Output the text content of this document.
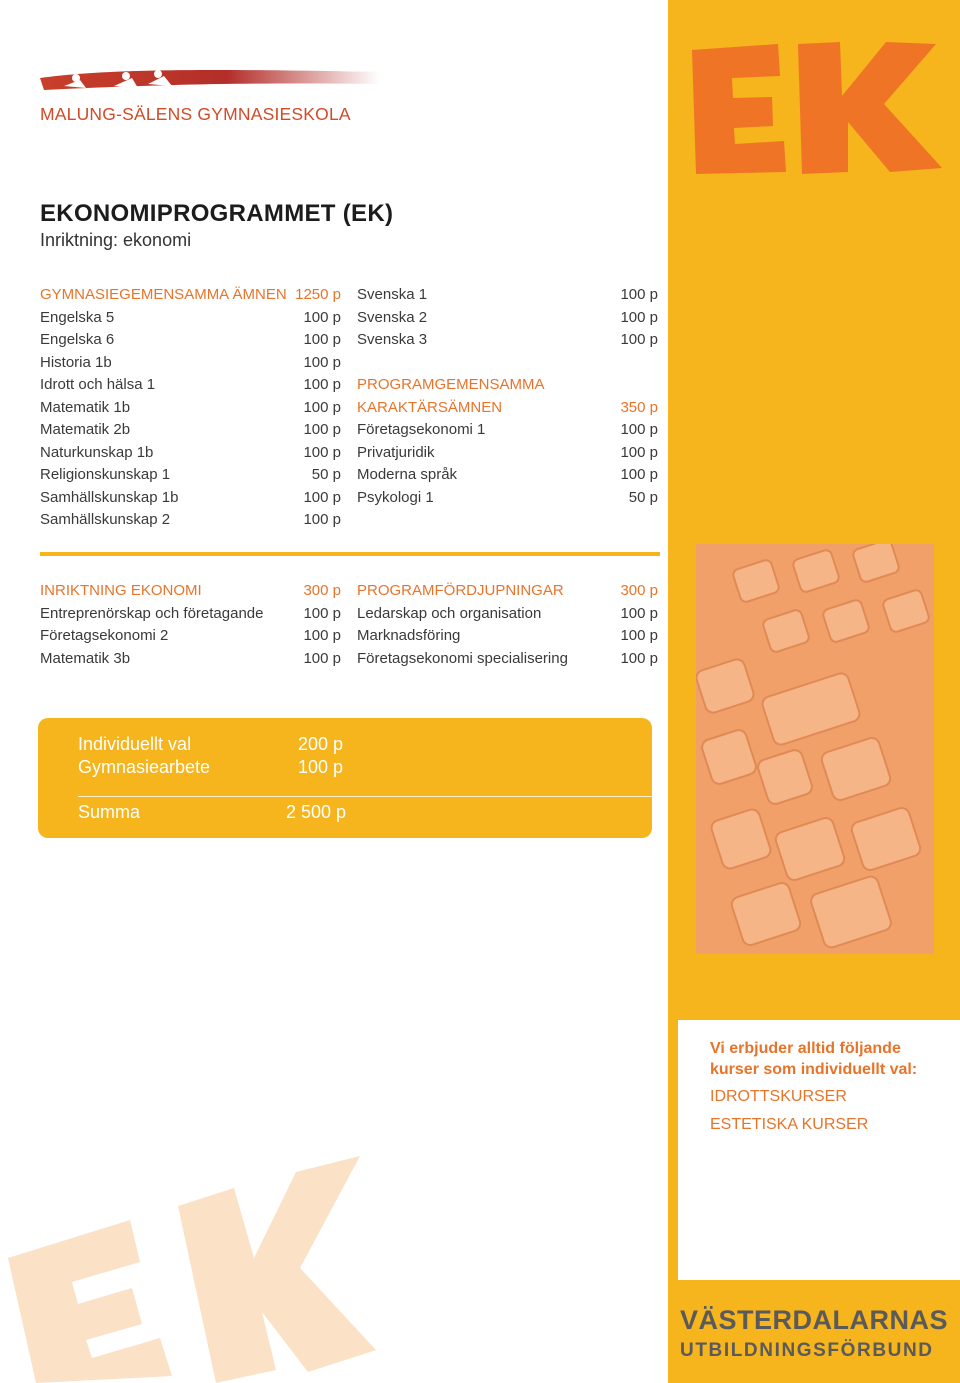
MALUNG-SÄLENS GYMNASIESKOLA
EKONOMIPROGRAMMET (EK)
Inriktning: ekonomi
GYMNASIEGEMENSAMMA ÄMNEN 1250 p
Engelska 5	100 p
Engelska 6	100 p
Historia 1b	100 p
Idrott och hälsa 1	100 p
Matematik 1b	100 p
Matematik 2b	100 p
Naturkunskap 1b	100 p
Religionskunskap 1	50 p
Samhällskunskap 1b	100 p
Samhällskunskap 2	100 p
Svenska 1	100 p
Svenska 2	100 p
Svenska 3	100 p
PROGRAMGEMENSAMMA
KARAKTÄRSÄMNEN	350 p
Företagsekonomi 1	100 p
Privatjuridik	100 p
Moderna språk	100 p
Psykologi 1	50 p
INRIKTNING EKONOMI	300 p
Entreprenörskap och företagande	100 p
Företagsekonomi 2	100 p
Matematik 3b	100 p
PROGRAMFÖRDJUPNINGAR	300 p
Ledarskap och organisation	100 p
Marknadsföring	100 p
Företagsekonomi specialisering	100 p
Individuellt val	200 p
Gymnasiearbete	100 p
Summa	2 500 p
Vi erbjuder alltid följande
kurser som individuellt val:
IDROTTSKURSER
ESTETISKA KURSER
VÄSTERDALARNAS
UTBILDNINGSFÖRBUND
